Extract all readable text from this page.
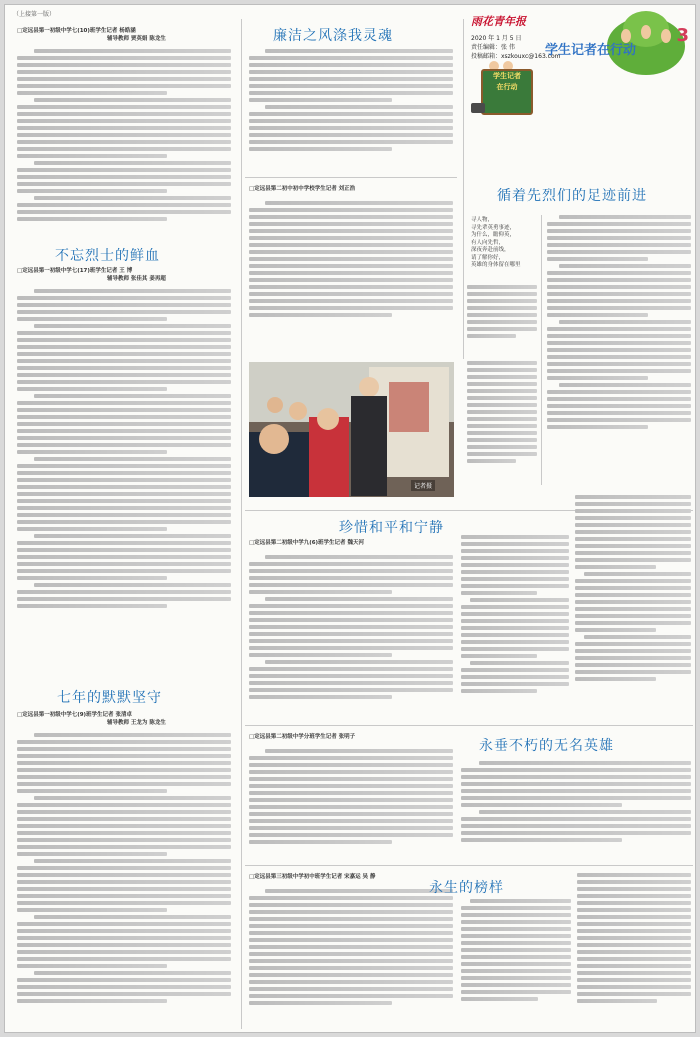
（上接第一版）
□定远县第一初级中学七(10)班学生记者 杨皓涵
辅导教师 贾英娟 陈龙生

不忘烈士的鲜血
□定远县第一初级中学七(17)班学生记者 王 博
辅导教师 张佳其 姜再超

七年的默默坚守
□定远县第一初级中学七(9)班学生记者 张清卓
辅导教师 王龙为 陈龙生

廉洁之风涤我灵魂

□定远县第二初中初中学校学生记者 刘正浩

雨花青年报
2020 年 1 月 5 日
责任编辑：张 伟
投稿邮箱：xszkouxc@163.com
学生记者在行动
3
学生记者
在行动
循着先烈们的足迹前进
寻人物，
寻先辈英勇事迹，
为什么，瞻仰英，
有人向先哲，
深夜奔赴前线，
请了解你好，
英雄的身体留在哪里

记者摄
珍惜和平和宁静
□定远县第二初级中学九(6)班学生记者 魏天河

□定远县第二初级中学分班学生记者 张明子

永垂不朽的无名英雄

□定远县第三初级中学初中班学生记者 宋嘉运 吴 静

永生的榜样
